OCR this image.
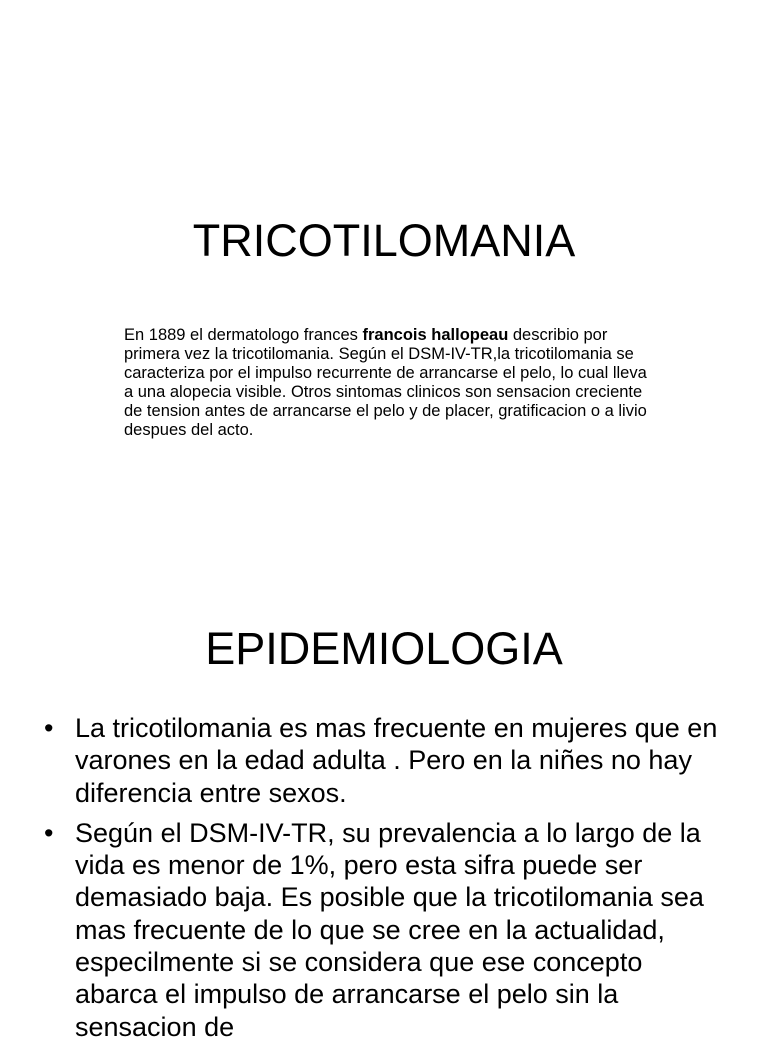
TRICOTILOMANIA

En 1889 el dermatologo frances francois hallopeau describio por primera vez la tricotilomania. Según el DSM-IV-TR,la tricotilomania se caracteriza por el impulso recurrente de arrancarse el pelo, lo cual lleva a una alopecia visible. Otros sintomas clinicos son sensacion creciente de tension antes de arrancarse el pelo y de placer, gratificacion o a livio despues del acto.

EPIDEMIOLOGIA
• La tricotilomania es mas frecuente en mujeres que en varones en la edad adulta . Pero en la niñes no hay diferencia entre sexos.
• Según el DSM-IV-TR, su prevalencia a lo largo de la vida es menor de 1%, pero esta sifra puede ser demasiado baja. Es posible que la tricotilomania sea mas frecuente de lo que se cree en la actualidad, especilmente si se considera que ese concepto abarca el impulso de arrancarse el pelo sin la sensacion de
